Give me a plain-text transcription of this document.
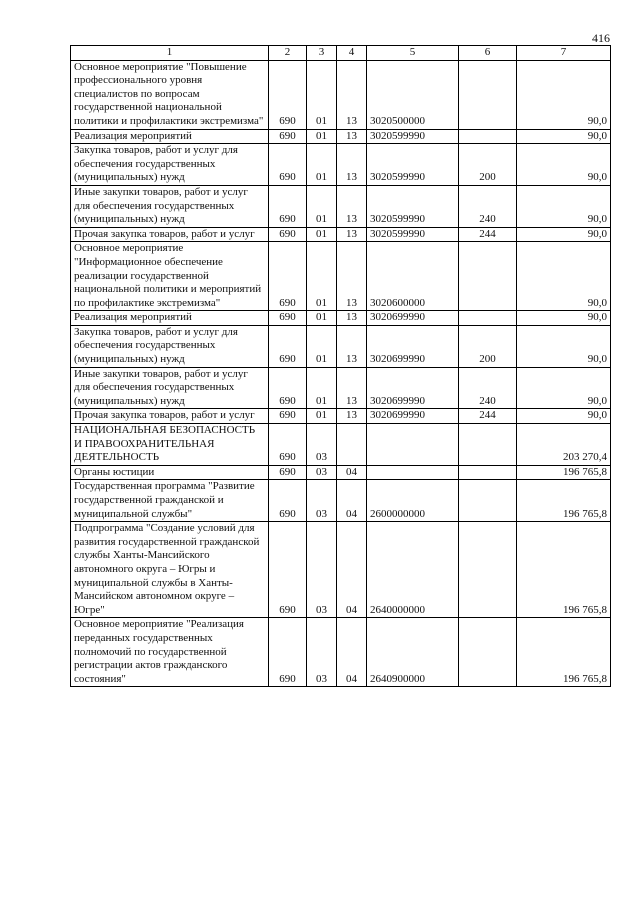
416
1	2	3	4	5	6	7
Основное мероприятие "Повышение профессионального уровня специалистов по вопросам государственной национальной политики и профилактики экстремизма"	690	01	13	3020500000		90,0
Реализация мероприятий	690	01	13	3020599990		90,0
Закупка товаров, работ и услуг для обеспечения государственных (муниципальных) нужд	690	01	13	3020599990	200	90,0
Иные закупки товаров, работ и услуг для обеспечения государственных (муниципальных) нужд	690	01	13	3020599990	240	90,0
Прочая закупка товаров, работ и услуг	690	01	13	3020599990	244	90,0
Основное мероприятие "Информационное обеспечение реализации государственной национальной политики и мероприятий по профилактике экстремизма"	690	01	13	3020600000		90,0
Реализация мероприятий	690	01	13	3020699990		90,0
Закупка товаров, работ и услуг для обеспечения государственных (муниципальных) нужд	690	01	13	3020699990	200	90,0
Иные закупки товаров, работ и услуг для обеспечения государственных (муниципальных) нужд	690	01	13	3020699990	240	90,0
Прочая закупка товаров, работ и услуг	690	01	13	3020699990	244	90,0
НАЦИОНАЛЬНАЯ БЕЗОПАСНОСТЬ И ПРАВООХРАНИТЕЛЬНАЯ ДЕЯТЕЛЬНОСТЬ	690	03				203 270,4
Органы юстиции	690	03	04			196 765,8
Государственная программа "Развитие государственной гражданской и муниципальной службы"	690	03	04	2600000000		196 765,8
Подпрограмма "Создание условий для развития государственной гражданской службы Ханты-Мансийского автономного округа – Югры и муниципальной службы в Ханты-Мансийском автономном округе – Югре"	690	03	04	2640000000		196 765,8
Основное мероприятие "Реализация переданных государственных полномочий по государственной регистрации актов гражданского состояния"	690	03	04	2640900000		196 765,8
